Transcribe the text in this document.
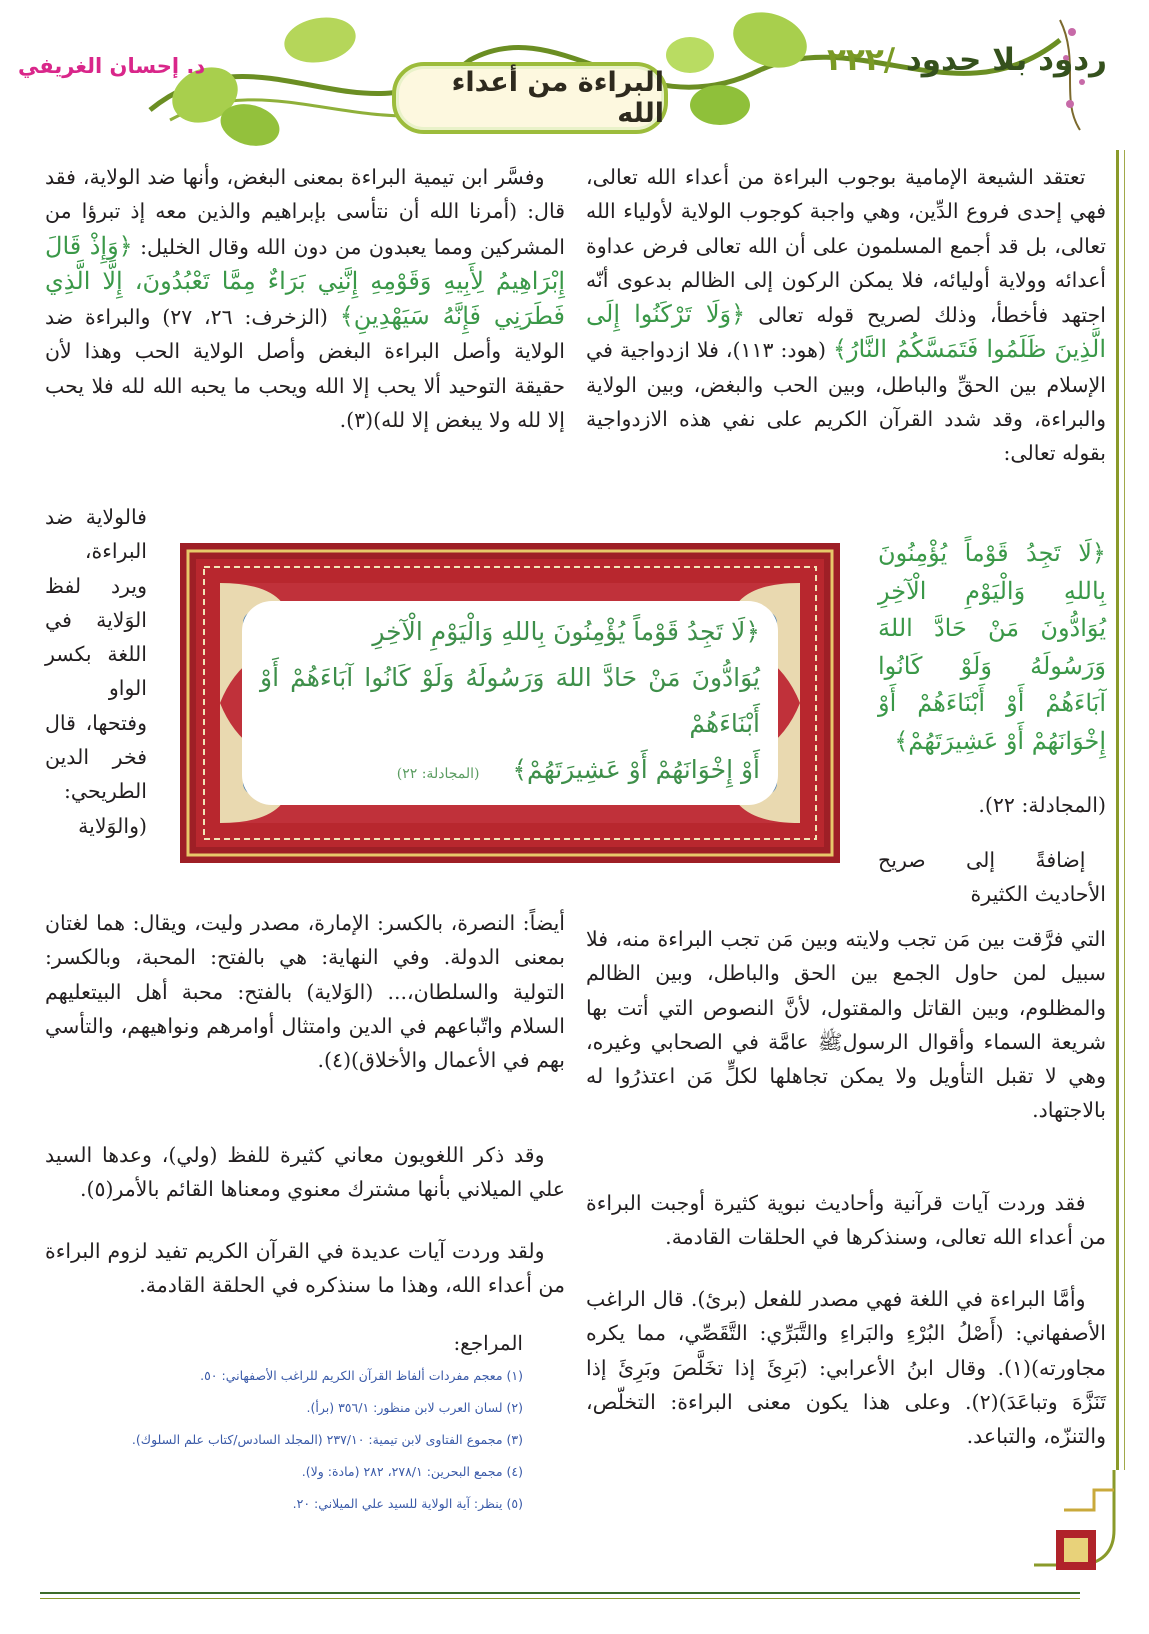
ردود بلا حدود /٢٢٢
البراءة من أعداء الله
د. إحسان الغريفي
 تعتقد الشيعة الإمامية بوجوب البراءة من أعداء الله تعالى، فهي إحدى فروع الدِّين، وهي واجبة كوجوب الولاية لأولياء الله تعالى، بل قد أجمع المسلمون على أن الله تعالى فرض عداوة أعدائه وولاية أوليائه، فلا يمكن الركون إلى الظالم بدعوى أنّه اجتهد فأخطأ، وذلك لصريح قوله تعالى ﴿وَلَا تَرْكَنُوا إِلَى الَّذِينَ ظَلَمُوا فَتَمَسَّكُمُ النَّارُ﴾ (هود: ١١٣)، فلا ازدواجية في الإسلام بين الحقِّ والباطل، وبين الحب والبغض، وبين الولاية والبراءة، وقد شدد القرآن الكريم على نفي هذه الازدواجية بقوله تعالى:
﴿لَا تَجِدُ قَوْماً يُؤْمِنُونَ بِاللهِ وَالْيَوْمِ الْآخِرِ يُوَادُّونَ مَنْ حَادَّ اللهَ وَرَسُولَهُ وَلَوْ كَانُوا آبَاءَهُمْ أَوْ أَبْنَاءَهُمْ أَوْ إِخْوَانَهُمْ أَوْ عَشِيرَتَهُمْ﴾
(المجادلة: ٢٢).
 إضافةً إلى صريح الأحاديث الكثيرة
التي فرَّقت بين مَن تجب ولايته وبين مَن تجب البراءة منه، فلا سبيل لمن حاول الجمع بين الحق والباطل، وبين الظالم والمظلوم، وبين القاتل والمقتول، لأنَّ النصوص التي أتت بها شريعة السماء وأقوال الرسولﷺ عامَّة في الصحابي وغيره، وهي لا تقبل التأويل ولا يمكن تجاهلها لكلٍّ مَن اعتذرُوا له بالاجتهاد.
 فقد وردت آيات قرآنية وأحاديث نبوية كثيرة أوجبت البراءة من أعداء الله تعالى، وسنذكرها في الحلقات القادمة.
 وأمَّا البراءة في اللغة فهي مصدر للفعل (برئ). قال الراغب الأصفهاني: (أَصْلُ البُرْءِ والبَراءِ والتَّبَرِّي: التَّقَصِّي، مما يكره مجاورته)(١). وقال ابنُ الأعرابي: (بَرِئَ إذا تخَلَّصَ وبَرِئَ إذا تَنَزَّهَ وتباعَدَ)(٢). وعلى هذا يكون معنى البراءة: التخلّص، والتنزّه، والتباعد.
 وفسَّر ابن تيمية البراءة بمعنى البغض، وأنها ضد الولاية، فقد قال: (أمرنا الله أن نتأسى بإبراهيم والذين معه إذ تبرؤا من المشركين ومما يعبدون من دون الله وقال الخليل: ﴿وَإِذْ قَالَ إِبْرَاهِيمُ لِأَبِيهِ وَقَوْمِهِ إِنَّنِي بَرَاءٌ مِمَّا تَعْبُدُونَ، إِلَّا الَّذِي فَطَرَنِي فَإِنَّهُ سَيَهْدِينِ﴾ (الزخرف: ٢٦، ٢٧) والبراءة ضد الولاية وأصل البراءة البغض وأصل الولاية الحب وهذا لأن حقيقة التوحيد ألا يحب إلا الله ويحب ما يحبه الله لله فلا يحب إلا لله ولا يبغض إلا لله)(٣).
فالولاية ضد البراءة، ويرد لفظ الوَلاية في اللغة بكسر الواو وفتحها، قال فخر الدين الطريحي: (والوَلاية
أيضاً: النصرة، بالكسر: الإمارة، مصدر وليت، ويقال: هما لغتان بمعنى الدولة. وفي النهاية: هي بالفتح: المحبة، وبالكسر: التولية والسلطان،... (الوَلاية) بالفتح: محبة أهل البيتعليهم السلام واتّباعهم في الدين وامتثال أوامرهم ونواهيهم، والتأسي بهم في الأعمال والأخلاق)(٤).
 وقد ذكر اللغويون معاني كثيرة للفظ (ولي)، وعدها السيد علي الميلاني بأنها مشترك معنوي ومعناها القائم بالأمر(٥).
 ولقد وردت آيات عديدة في القرآن الكريم تفيد لزوم البراءة من أعداء الله، وهذا ما سنذكره في الحلقة القادمة.

﴿لَا تَجِدُ قَوْماً يُؤْمِنُونَ بِاللهِ وَالْيَوْمِ الْآخِرِ

يُوَادُّونَ مَنْ حَادَّ اللهَ وَرَسُولَهُ وَلَوْ كَانُوا آبَاءَهُمْ أَوْ أَبْنَاءَهُمْ

أَوْ إِخْوَانَهُمْ أَوْ عَشِيرَتَهُمْ﴾  (المجادلة: ٢٢)

المراجع:
(١) معجم مفردات ألفاظ القرآن الكريم للراغب الأصفهاني: ٥٠.
(٢) لسان العرب لابن منظور: ٣٥٦/١ (برأ).
(٣) مجموع الفتاوى لابن تيمية: ٢٣٧/١٠ (المجلد السادس/كتاب علم السلوك).
(٤) مجمع البحرين: ٢٧٨/١، ٢٨٢ (مادة: ولا).
(٥) ينظر: آية الولاية للسيد علي الميلاني: ٢٠.
